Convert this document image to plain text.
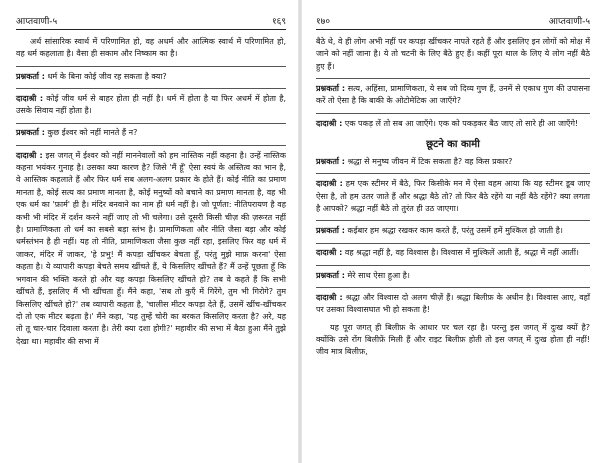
आप्तवाणी-५	१६९

अर्थ सांसारिक स्वार्थ में परिणामित हो, वह अधर्म और आत्मिक स्वार्थ में परिणामित हो, वह धर्म कहलाता है। वैसा ही सकाम और निष्काम का है।

प्रश्नकर्ता : धर्म के बिना कोई जीव रह सकता है क्या?

दादाश्री : कोई जीव धर्म से बाहर होता ही नहीं है। धर्म में होता है या फिर अधर्म में होता है, उसके सिवाय नहीं होता है।

प्रश्नकर्ता : कुछ ईश्वर को नहीं मानते हैं न?

दादाश्री : इस जगत् में ईश्वर को नहीं माननेवालों को हम नास्तिक नहीं कहना है। उन्हें नास्तिक कहना भयंकर गुनाह है। उसका क्या कारण है? जिसे 'मैं हूँ' ऐसा स्वयं के अस्तित्व का भान है, वे आस्तिक कहलाते हैं और फिर धर्म सब अलग-अलग प्रकार के होते हैं। कोई नीति का प्रमाण मानता है, कोई सत्य का प्रमाण मानता है, कोई मनुष्यों को बचाने का प्रमाण मानता है, वह भी एक धर्म का 'फ़ार्म' ही है। मंदिर बनवाने का नाम ही धर्म नहीं है। जो पूर्णता: नीतिपरायण है वह कभी भी मंदिर में दर्शन करने नहीं जाए तो भी चलेगा। उसे दूसरी किसी चीज़ की ज़रूरत नहीं है। प्रामाणिकता तो धर्म का सबसे बड़ा स्तंभ है। प्रामाणिकता और नीति जैसा बड़ा और कोई धर्मस्तंभन है ही नहीं। यह तो नीति, प्रामाणिकता जैसा कुछ नहीं रहा, इसलिए फिर वह धर्म में जाकर, मंदिर में जाकर, 'हे प्रभु! मैं कपड़ा खींचकर बेचता हूँ, परंतु मुझे माफ़ करना' ऐसा कहता है। ये व्यापारी कपड़ा बेचते समय खींचते हैं, ये किसलिए खींचते हैं? मैं उन्हें पूछता हूँ कि भगवान की भक्ति करते हो और यह कपड़ा किसलिए खींचते हो? तब वे कहते हैं कि सभी खींचते हैं, इसलिए मैं भी खींचता हूँ। मैंने कहा, 'सब तो कुएँ में गिरेंगे, तुम भी गिरोगे? तुम किसलिए खींचते हो?' तब व्यापारी कहता है, 'चालीस मीटर कपड़ा देते हैं, उसमें खींच-खींचकर दो तो एक मीटर बढ़ता है।' मैंने कहा, 'यह तुम्हें चोरी का बरकत किसलिए करता है? अरे, यह तो तू चार-चार दिवाला करता है। तेरी क्या दशा होगी?' महावीर की सभा में बैठा हुआ मैंने तुझे देखा था। महावीर की सभा में

१७०	आप्तवाणी-५

बैठे थे, वे ही लोग अभी नहीं पर कपड़ा खींचकर नापते रहते हैं और इसलिए इन लोगों को मोक्ष में जाने को नहीं जाना है। ये तो चटनी के लिए बैठे हुए हैं। कहीं पूरा थाल के लिए ये लोग नहीं बैठे हुए हैं।

प्रश्नकर्ता : सत्य, अहिंसा, प्रामाणिकता, ये सब जो दिव्य गुण हैं, उनमें से एकाध गुण की उपासना करें तो ऐसा है कि बाकी के ओटोमेटिक आ जाएँगे?

दादाश्री : एक पकड़ लें तो सब आ जाएँगे। एक को पकड़कर बैठ जाए तो सारे ही आ जाएँगे!

छूटने का कामी

प्रश्नकर्ता : श्रद्धा से मनुष्य जीवन में टिक सकता है? वह किस प्रकार?

दादाश्री : हम एक स्टीमर में बैठे, फिर किसीके मन में ऐसा वहम आया कि यह स्टीमर डूब जाए ऐसा है, तो हम उतर जाते हैं और श्रद्धा बैठे तो? तो फिर बैठे रहेंगे या नहीं बैठे रहेंगे? क्या लगता है आपको? श्रद्धा नहीं बैठे तो तुरंत ही उठ जाएगा।

प्रश्नकर्ता : कईबार हम श्रद्धा रखकर काम करते हैं, परंतु उसमें हमें मुश्किल हो जाती है।

दादाश्री : वह श्रद्धा नहीं है, वह विश्वास है। विश्वास में मुश्किलें आती हैं, श्रद्धा में नहीं आतीं।

प्रश्नकर्ता : मेरे साथ ऐसा हुआ है।

दादाश्री : श्रद्धा और विश्वास दो अलग चीज़ें हैं। श्रद्धा बिलीफ़ के अधीन है। विश्वास आए, वहाँ पर उसका विश्वासघात भी हो सकता है!

यह पूरा जगत् ही बिलीफ़ के आधार पर चल रहा है। परन्तु इस जगत् में दुःख क्यों है? क्योंकि उसे रोंग बिलीफ़ें मिली हैं और राइट बिलीफ़ होती तो इस जगत् में दुःख होता ही नहीं! जीव मात्र बिलीफ़,
